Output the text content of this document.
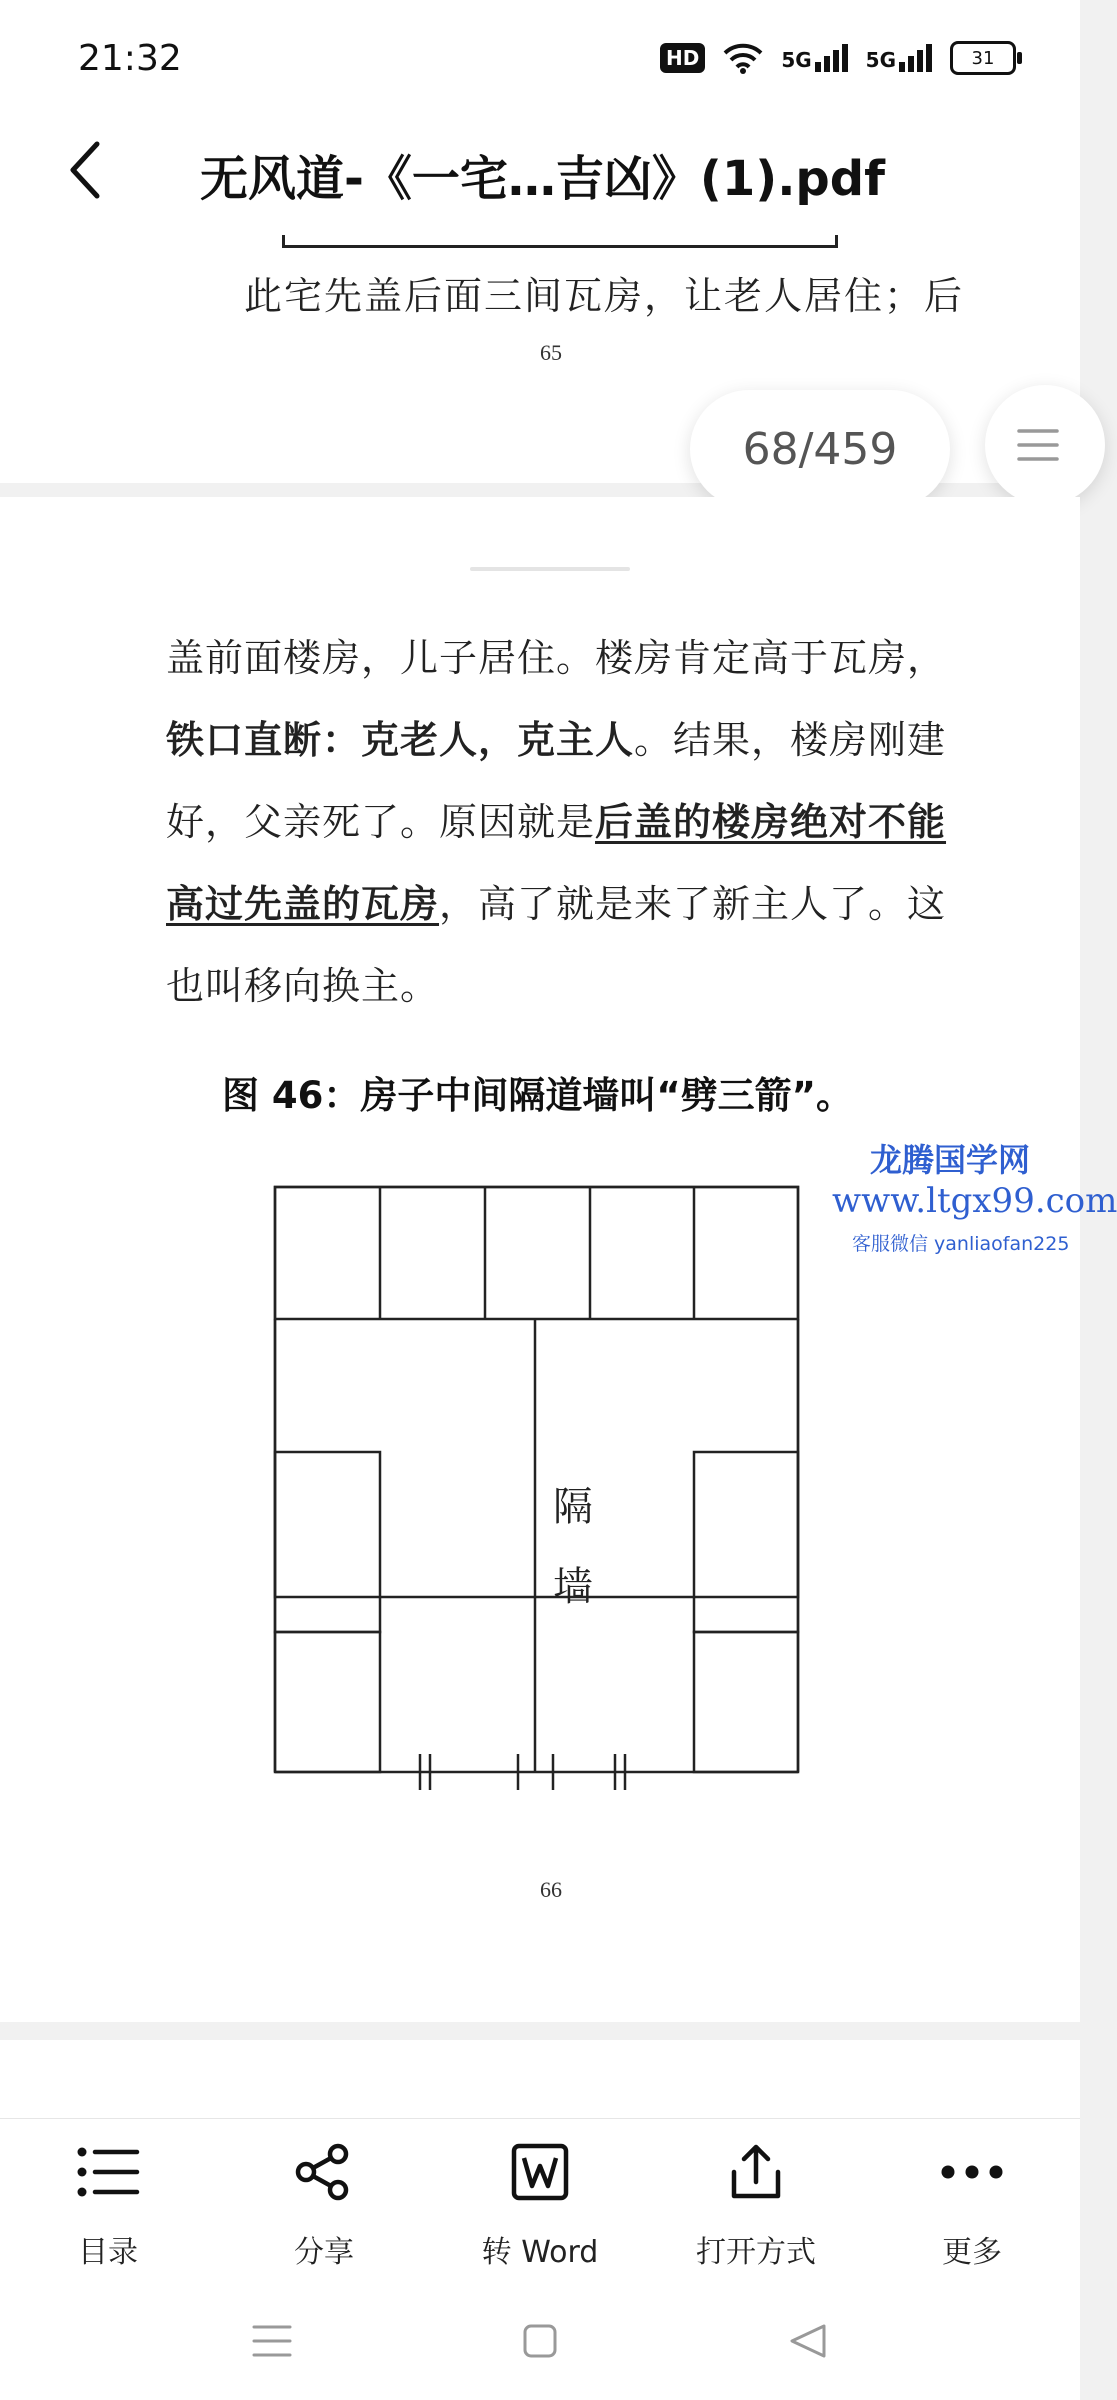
21:32	HD	5G	5G	31
无风道-《一宅…吉凶》(1).pdf
此宅先盖后面三间瓦房，让老人居住；后
65
68/459
盖前面楼房，儿子居住。楼房肯定高于瓦房，
铁口直断：克老人，克主人。结果，楼房刚建
好，父亲死了。原因就是后盖的楼房绝对不能
高过先盖的瓦房，高了就是来了新主人了。这
也叫移向换主。
图 46：房子中间隔道墙叫“劈三箭”。
龙腾国学网
www.ltgx99.com
客服微信 yanliaofan225
隔
墙
66
目录	分享	转 Word	打开方式	更多
